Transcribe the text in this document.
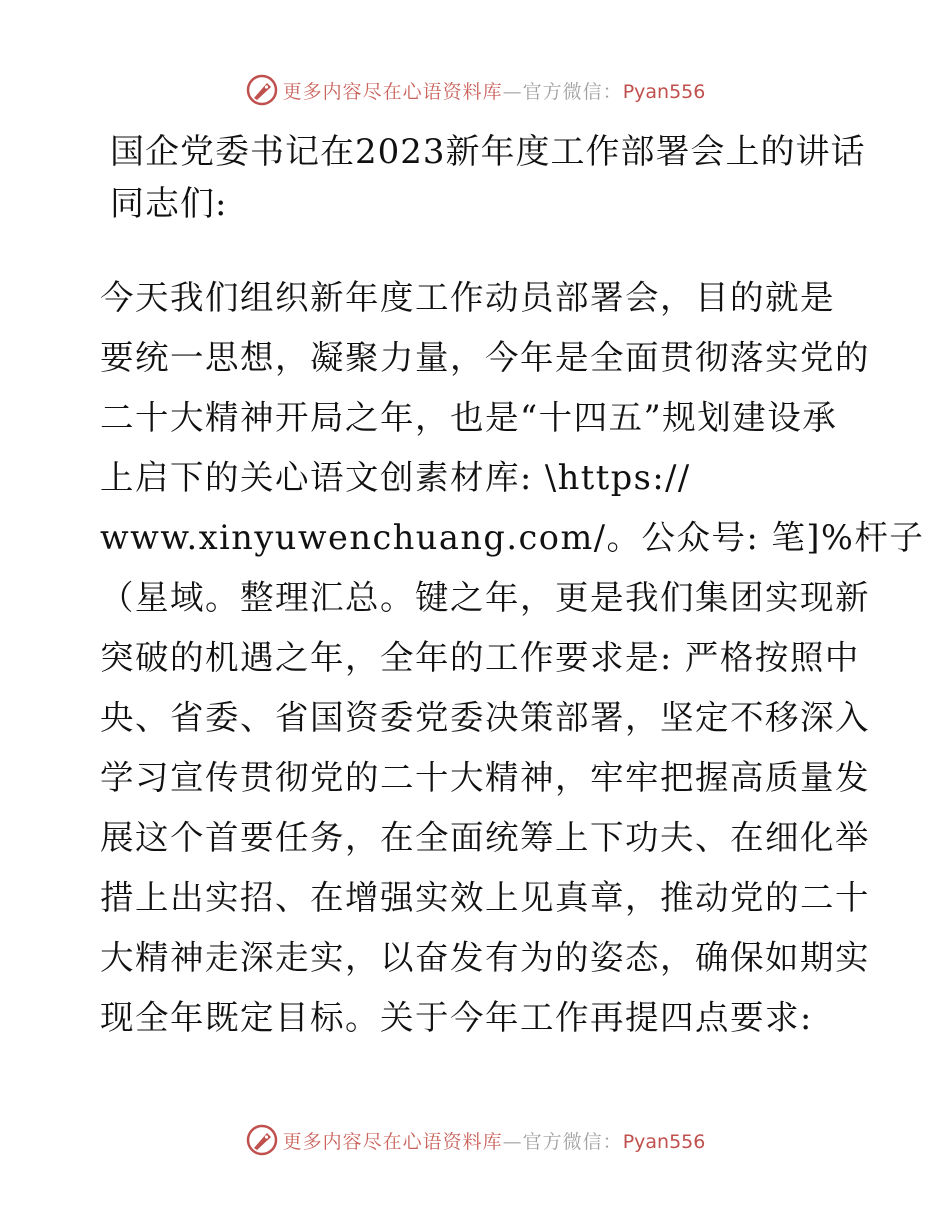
更多内容尽在心语资料库—官方微信：Pyan556
国企党委书记在2023新年度工作部署会上的讲话
同志们:
今天我们组织新年度工作动员部署会，目的就是
要统一思想，凝聚力量，今年是全面贯彻落实党的
二十大精神开局之年，也是“十四五”规划建设承
上启下的关心语文创素材库: \https://
www.xinyuwenchuang.com/。公众号: 笔]%杆子
（星域。整理汇总。键之年，更是我们集团实现新
突破的机遇之年，全年的工作要求是: 严格按照中
央、省委、省国资委党委决策部署，坚定不移深入
学习宣传贯彻党的二十大精神，牢牢把握高质量发
展这个首要任务，在全面统筹上下功夫、在细化举
措上出实招、在增强实效上见真章，推动党的二十
大精神走深走实，以奋发有为的姿态，确保如期实
现全年既定目标。关于今年工作再提四点要求:
更多内容尽在心语资料库—官方微信：Pyan556
